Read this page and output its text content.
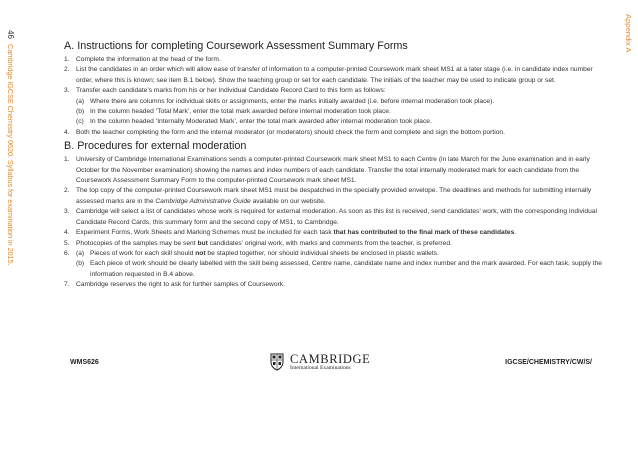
46
Cambridge IGCSE Chemistry 0620. Syllabus for examination in 2015.
Appendix A
A. Instructions for completing Coursework Assessment Summary Forms
1. Complete the information at the head of the form.
2. List the candidates in an order which will allow ease of transfer of information to a computer-printed Coursework mark sheet MS1 at a later stage (i.e. in candidate index number order, where this is known; see item B.1 below). Show the teaching group or set for each candidate. The initials of the teacher may be used to indicate group or set.
3. Transfer each candidate’s marks from his or her Individual Candidate Record Card to this form as follows:
(a) Where there are columns for individual skills or assignments, enter the marks initially awarded (i.e. before internal moderation took place).
(b) In the column headed ‘Total Mark’, enter the total mark awarded before internal moderation took place.
(c) In the column headed ‘Internally Moderated Mark’, enter the total mark awarded after internal moderation took place.
4. Both the teacher completing the form and the internal moderator (or moderators) should check the form and complete and sign the bottom portion.
B. Procedures for external moderation
1. University of Cambridge International Examinations sends a computer-printed Coursework mark sheet MS1 to each Centre (in late March for the June examination and in early October for the November examination) showing the names and index numbers of each candidate. Transfer the total internally moderated mark for each candidate from the Coursework Assessment Summary Form to the computer-printed Coursework mark sheet MS1.
2. The top copy of the computer-printed Coursework mark sheet MS1 must be despatched in the specially provided envelope. The deadlines and methods for submitting internally assessed marks are in the Cambridge Administrative Guide available on our website.
3. Cambridge will select a list of candidates whose work is required for external moderation. As soon as this list is received, send candidates’ work, with the corresponding Individual Candidate Record Cards, this summary form and the second copy of MS1, to Cambridge.
4. Experiment Forms, Work Sheets and Marking Schemes must be included for each task that has contributed to the final mark of these candidates.
5. Photocopies of the samples may be sent but candidates’ original work, with marks and comments from the teacher, is preferred.
6. (a) Pieces of work for each skill should not be stapled together, nor should individual sheets be enclosed in plastic wallets.
(b) Each piece of work should be clearly labelled with the skill being assessed, Centre name, candidate name and index number and the mark awarded. For each task, supply the information requested in B.4 above.
7. Cambridge reserves the right to ask for further samples of Coursework.
WMS626	CAMBRIDGE
International Examinations
IGCSE/CHEMISTRY/CW/S/
